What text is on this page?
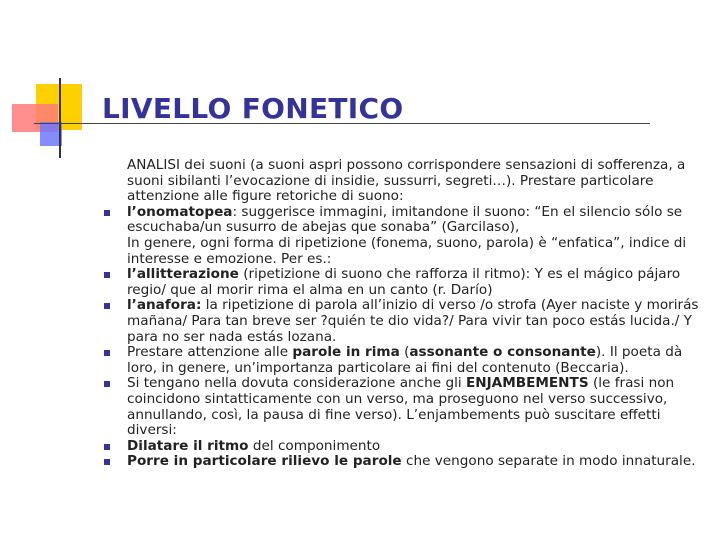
LIVELLO FONETICO
ANALISI dei suoni (a suoni aspri possono corrispondere sensazioni di sofferenza, a suoni sibilanti l’evocazione di insidie, sussurri, segreti…). Prestare particolare attenzione alle figure retoriche di suono:
l’onomatopea: suggerisce immagini, imitandone il suono: “En el silencio sólo se escuchaba/un susurro de abejas que sonaba” (Garcilaso),
In genere, ogni forma di ripetizione (fonema, suono, parola) è “enfatica”, indice di interesse e emozione. Per es.:
l’allitterazione (ripetizione di suono che rafforza il ritmo): Y es el mágico pájaro regio/ que al morir rima el alma en un canto (r. Darío)
l’anafora: la ripetizione di parola all’inizio di verso /o strofa (Ayer naciste y morirás mañana/ Para tan breve ser ?quién te dio vida?/ Para vivir tan poco estás lucida./ Y para no ser nada estás lozana.
Prestare attenzione alle parole in rima (assonante o consonante). Il poeta dà loro, in genere, un’importanza particolare ai fini del contenuto (Beccaria).
Si tengano nella dovuta considerazione anche gli ENJAMBEMENTS (le frasi non coincidono sintatticamente con un verso, ma proseguono nel verso successivo, annullando, così, la pausa di fine verso). L’enjambements può suscitare effetti diversi:
Dilatare il ritmo del componimento
Porre in particolare rilievo le parole che vengono separate in modo innaturale.
